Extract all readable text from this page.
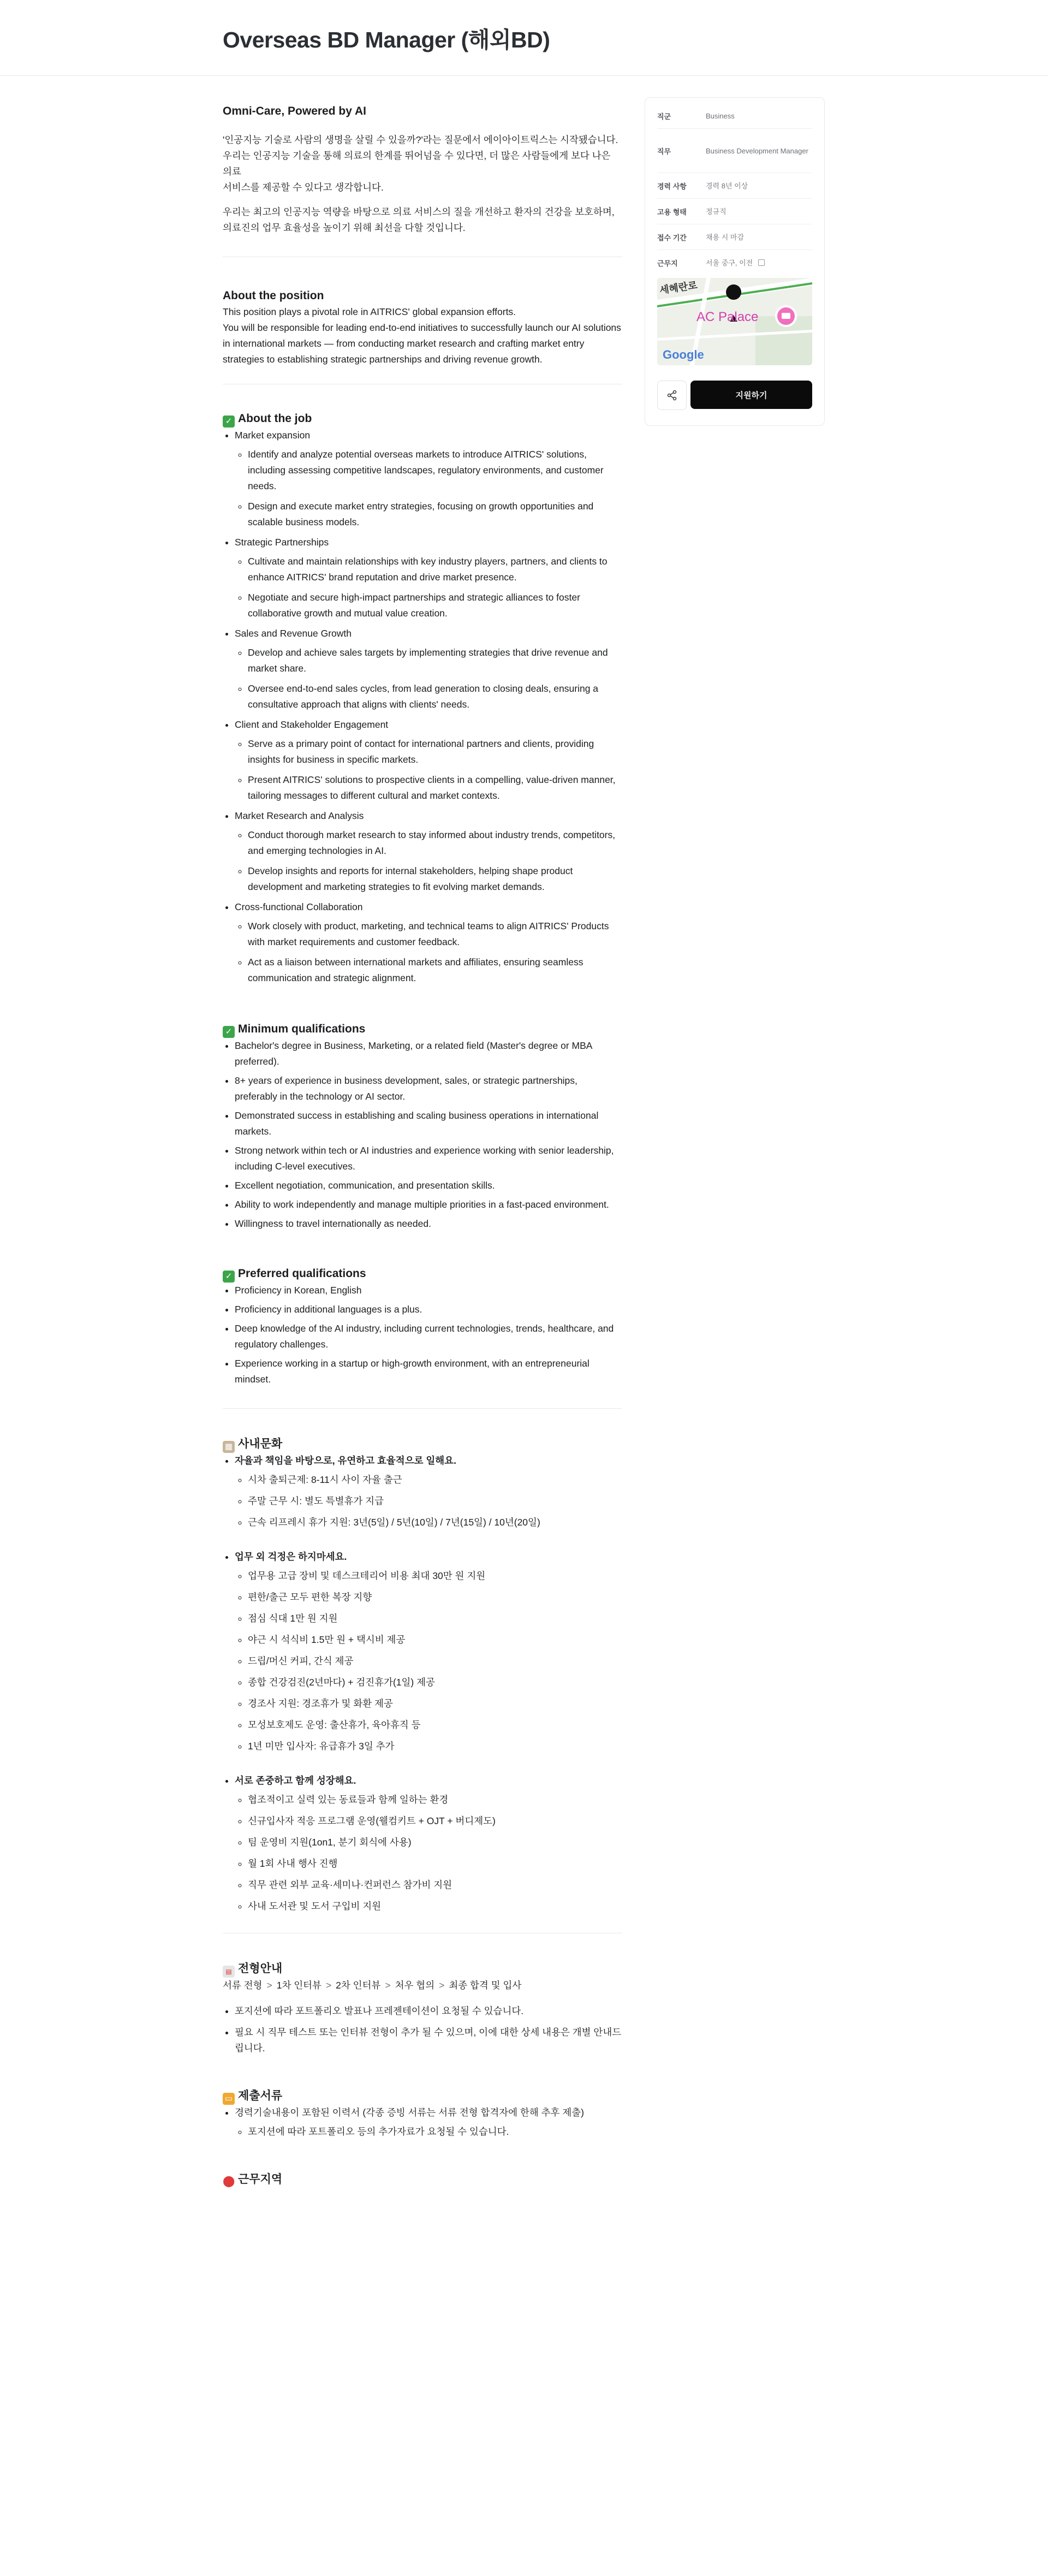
Overseas BD Manager (해외BD)

Omni-Care, Powered by AI

'인공지능 기술로 사람의 생명을 살릴 수 있을까?'라는 질문에서 에이아이트릭스는 시작됐습니다.
우리는 인공지능 기술을 통해 의료의 한계를 뛰어넘을 수 있다면, 더 많은 사람들에게 보다 나은 의료
서비스를 제공할 수 있다고 생각합니다.

우리는 최고의 인공지능 역량을 바탕으로 의료 서비스의 질을 개선하고 환자의 건강을 보호하며,
의료진의 업무 효율성을 높이기 위해 최선을 다할 것입니다.

About the position

This position plays a pivotal role in AITRICS' global expansion efforts.
You will be responsible for leading end-to-end initiatives to successfully launch our AI solutions in international markets — from conducting market research and crafting market entry strategies to establishing strategic partnerships and driving revenue growth.

✓ About the job

• Market expansion
◦ Identify and analyze potential overseas markets to introduce AITRICS' solutions, including assessing competitive landscapes, regulatory environments, and customer needs.
◦ Design and execute market entry strategies, focusing on growth opportunities and scalable business models.
• Strategic Partnerships
◦ Cultivate and maintain relationships with key industry players, partners, and clients to enhance AITRICS' brand reputation and drive market presence.
◦ Negotiate and secure high-impact partnerships and strategic alliances to foster collaborative growth and mutual value creation.
• Sales and Revenue Growth
◦ Develop and achieve sales targets by implementing strategies that drive revenue and market share.
◦ Oversee end-to-end sales cycles, from lead generation to closing deals, ensuring a consultative approach that aligns with clients' needs.
• Client and Stakeholder Engagement
◦ Serve as a primary point of contact for international partners and clients, providing insights for business in specific markets.
◦ Present AITRICS' solutions to prospective clients in a compelling, value-driven manner, tailoring messages to different cultural and market contexts.
• Market Research and Analysis
◦ Conduct thorough market research to stay informed about industry trends, competitors, and emerging technologies in AI.
◦ Develop insights and reports for internal stakeholders, helping shape product development and marketing strategies to fit evolving market demands.
• Cross-functional Collaboration
◦ Work closely with product, marketing, and technical teams to align AITRICS' Products with market requirements and customer feedback.
◦ Act as a liaison between international markets and affiliates, ensuring seamless communication and strategic alignment.

✓ Minimum qualifications

• Bachelor's degree in Business, Marketing, or a related field (Master's degree or MBA preferred).
• 8+ years of experience in business development, sales, or strategic partnerships, preferably in the technology or AI sector.
• Demonstrated success in establishing and scaling business operations in international markets.
• Strong network within tech or AI industries and experience working with senior leadership, including C-level executives.
• Excellent negotiation, communication, and presentation skills.
• Ability to work independently and manage multiple priorities in a fast-paced environment.
• Willingness to travel internationally as needed.

✓ Preferred qualifications

• Proficiency in Korean, English
• Proficiency in additional languages is a plus.
• Deep knowledge of the AI industry, including current technologies, trends, healthcare, and regulatory challenges.
• Experience working in a startup or high-growth environment, with an entrepreneurial mindset.

▦ 사내문화

• 자율과 책임을 바탕으로, 유연하고 효율적으로 일해요.
◦ 시차 출퇴근제: 8-11시 사이 자율 출근
◦ 주말 근무 시: 별도 특별휴가 지급
◦ 근속 리프레시 휴가 지원: 3년(5일) / 5년(10일) / 7년(15일) / 10년(20일)
• 업무 외 걱정은 하지마세요.
◦ 업무용 고급 장비 및 데스크테리어 비용 최대 30만 원 지원
◦ 편한/출근 모두 편한 복장 지향
◦ 점심 식대 1만 원 지원
◦ 야근 시 석식비 1.5만 원 + 택시비 제공
◦ 드립/머신 커피, 간식 제공
◦ 종합 건강검진(2년마다) + 검진휴가(1일) 제공
◦ 경조사 지원: 경조휴가 및 화환 제공
◦ 모성보호제도 운영: 출산휴가, 육아휴직 등
◦ 1년 미만 입사자: 유급휴가 3일 추가
• 서로 존중하고 함께 성장해요.
◦ 협조적이고 실력 있는 동료들과 함께 일하는 환경
◦ 신규입사자 적응 프로그램 운영(웰컴키트 + OJT + 버디제도)
◦ 팀 운영비 지원(1on1, 분기 회식에 사용)
◦ 월 1회 사내 행사 진행
◦ 직무 관련 외부 교육·세미나·컨퍼런스 참가비 지원
◦ 사내 도서관 및 도서 구입비 지원

▤ 전형안내

서류 전형 > 1차 인터뷰 > 2차 인터뷰 > 처우 협의 > 최종 합격 및 입사

• 포지션에 따라 포트폴리오 발표나 프레젠테이션이 요청될 수 있습니다.
• 필요 시 직무 테스트 또는 인터뷰 전형이 추가 될 수 있으며, 이에 대한 상세 내용은 개별 안내드립니다.

▭ 제출서류

• 경력기술내용이 포함된 이력서 (각종 증빙 서류는 서류 전형 합격자에 한해 추후 제출)
◦ 포지션에 따라 포트폴리오 등의 추가자료가 요청될 수 있습니다.

⬤ 근무지역

직군	Business
직무	Business Development Manager
경력 사항	경력 8년 이상
고용 형태	정규직
접수 기간	채용 시 마감
근무지	서울 중구, 이전
세혜란로
AC Palace
Google
지원하기
